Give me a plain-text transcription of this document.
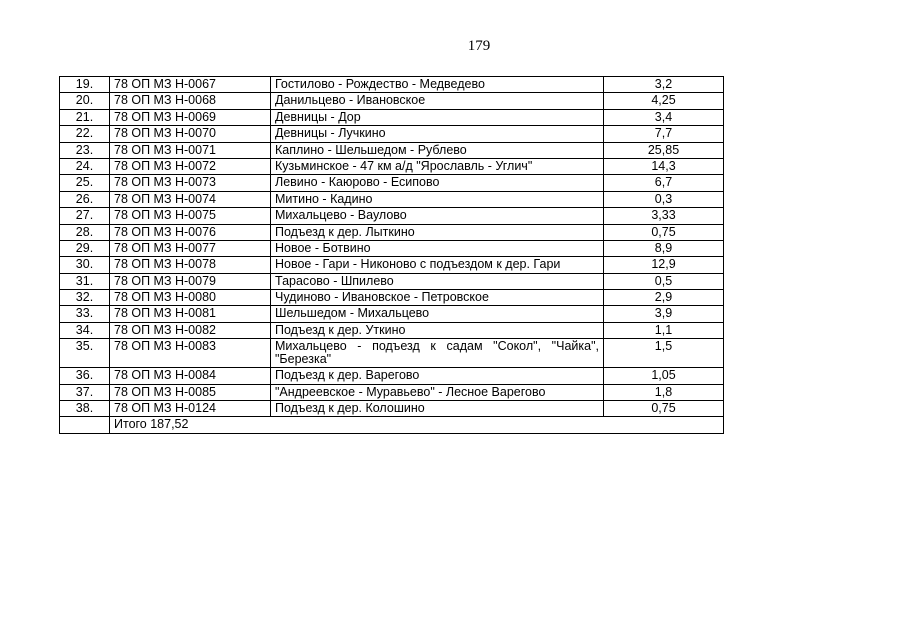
179
19.	78 ОП МЗ Н-0067	Гостилово - Рождество - Медведево	3,2
20.	78 ОП МЗ Н-0068	Данильцево - Ивановское	4,25
21.	78 ОП МЗ Н-0069	Девницы - Дор	3,4
22.	78 ОП МЗ Н-0070	Девницы - Лучкино	7,7
23.	78 ОП МЗ Н-0071	Каплино - Шельшедом - Рублево	25,85
24.	78 ОП МЗ Н-0072	Кузьминское - 47 км а/д "Ярославль - Углич"	14,3
25.	78 ОП МЗ Н-0073	Левино - Каюрово - Есипово	6,7
26.	78 ОП МЗ Н-0074	Митино - Кадино	0,3
27.	78 ОП МЗ Н-0075	Михальцево - Ваулово	3,33
28.	78 ОП МЗ Н-0076	Подъезд к дер. Лыткино	0,75
29.	78 ОП МЗ Н-0077	Новое - Ботвино	8,9
30.	78 ОП МЗ Н-0078	Новое - Гари - Никоново с подъездом к дер. Гари	12,9
31.	78 ОП МЗ Н-0079	Тарасово - Шпилево	0,5
32.	78 ОП МЗ Н-0080	Чудиново - Ивановское - Петровское	2,9
33.	78 ОП МЗ Н-0081	Шельшедом - Михальцево	3,9
34.	78 ОП МЗ Н-0082	Подъезд к дер. Уткино	1,1
35.	78 ОП МЗ Н-0083	Михальцево - подъезд к садам "Сокол", "Чайка", "Березка"	1,5
36.	78 ОП МЗ Н-0084	Подъезд к дер. Варегово	1,05
37.	78 ОП МЗ Н-0085	"Андреевское - Муравьево" - Лесное Варегово	1,8
38.	78 ОП МЗ Н-0124	Подъезд к дер. Колошино	0,75
	Итого 187,52		
